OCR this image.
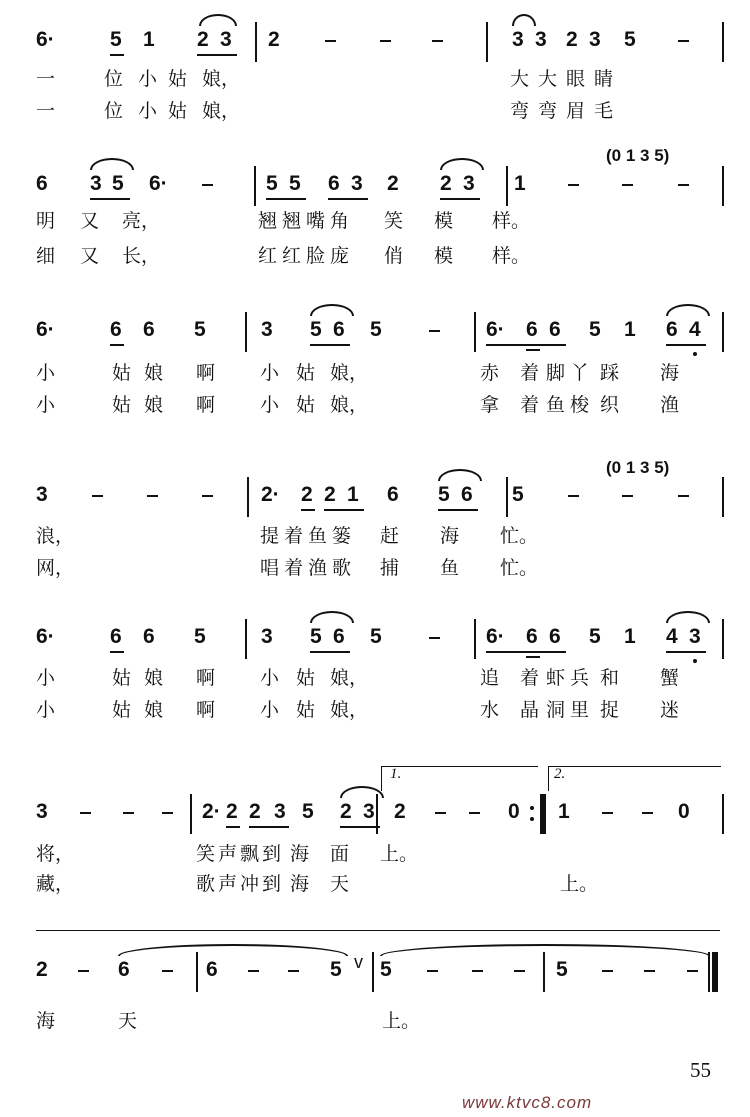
6·	5 1 2 3 2	3 3 2 3 5
6 3 5 6·	5 5 6 3 2 2 3 1
6·	6 6 5	3 5 6 5	6· 6 6 5 1 6 4
3	2· 2 2 1 6 5 6 5
6·	6 6 5	3 5 6 5	6· 6 6 5 1 4 3
3	2· 2 2 3 5 2 3 2	0 1	0
2	6	6	5 5	5
一	位 小 姑 娘，	大 大 眼 睛
一	位 小 姑 娘，	弯 弯 眉 毛
明 又 亮，	翘 翘 嘴 角 笑 模 样。
细 又 长，	红 红 脸 庞 俏 模 样。
小	姑 娘 啊 小 姑 娘，	赤 着 脚 丫 踩 海
小	姑 娘 啊 小 姑 娘，	拿 着 鱼 梭 织 渔
浪，	提 着 鱼 篓 赶 海 忙。
网，	唱 着 渔 歌 捕 鱼 忙。
小	姑 娘 啊 小 姑 娘，	追 着 虾 兵 和 蟹
小	姑 娘 啊 小 姑 娘，	水 晶 洞 里 捉 迷
将，	笑 声 飘 到 海 面 上。
藏，	歌 声 冲 到 海 天	上。
海	天	上。
(0 1 3 5)
(0 1 3 5)
1.	2.
v
55
www.ktvc8.com
